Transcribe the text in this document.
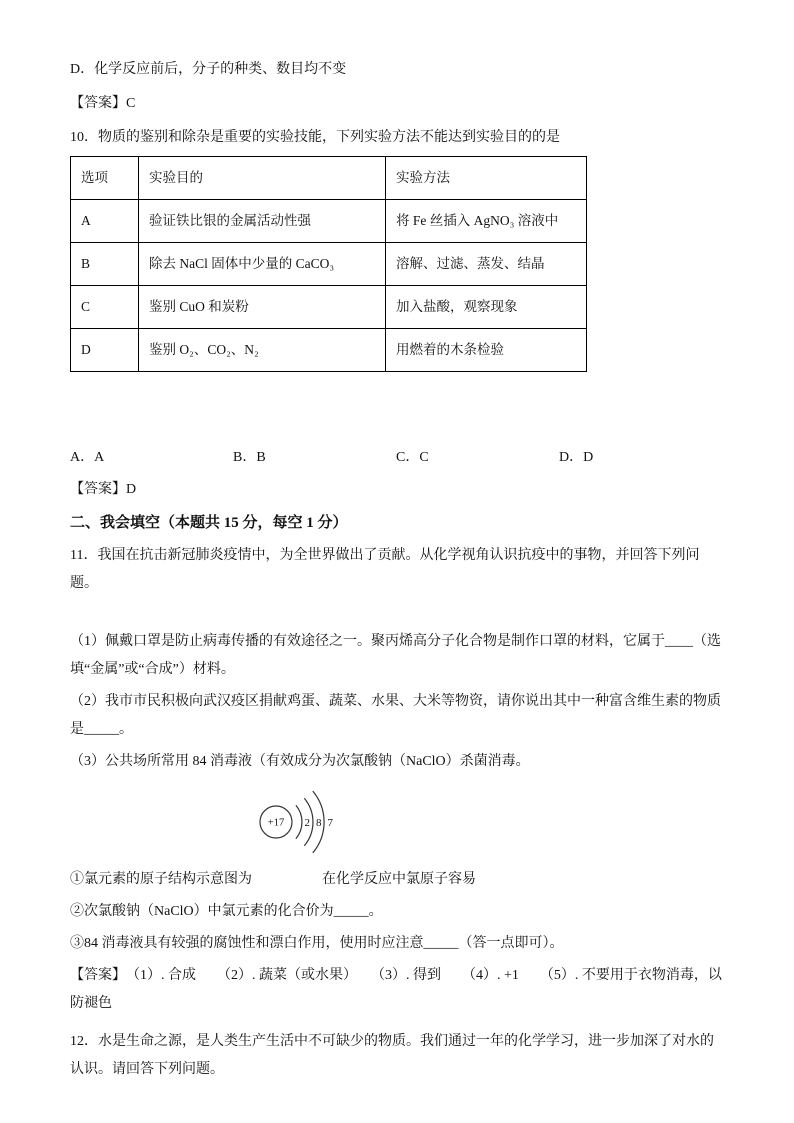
D．化学反应前后，分子的种类、数目均不变

【答案】C

10．物质的鉴别和除杂是重要的实验技能，下列实验方法不能达到实验目的的是

选项	实验目的	实验方法
A	验证铁比银的金属活动性强	将 Fe 丝插入 AgNO₃ 溶液中
B	除去 NaCl 固体中少量的 CaCO₃	溶解、过滤、蒸发、结晶
C	鉴别 CuO 和炭粉	加入盐酸，观察现象
D	鉴别 O₂、CO₂、N₂	用燃着的木条检验
A．A	B．B	C．C	D．D

【答案】D

二、我会填空（本题共 15 分，每空 1 分）

11．我国在抗击新冠肺炎疫情中，为全世界做出了贡献。从化学视角认识抗疫中的事物，并回答下列问题。

（1）佩戴口罩是防止病毒传播的有效途径之一。聚丙烯高分子化合物是制作口罩的材料，它属于____（选填“金属”或“合成”）材料。

（2）我市市民积极向武汉疫区捐献鸡蛋、蔬菜、水果、大米等物资，请你说出其中一种富含维生素的物质是_____。

（3）公共场所常用 84 消毒液（有效成分为次氯酸钠（NaClO）杀菌消毒。

+17 2 8 7

①氯元素的原子结构示意图为	在化学反应中氯原子容易

②次氯酸钠（NaClO）中氯元素的化合价为_____。

③84 消毒液具有较强的腐蚀性和漂白作用，使用时应注意_____（答一点即可）。

【答案】　（1）. 合成　　（2）. 蔬菜（或水果）　　（3）. 得到　　（4）. +1　　（5）. 不要用于衣物消毒，以防褪色

12．水是生命之源，是人类生产生活中不可缺少的物质。我们通过一年的化学学习，进一步加深了对水的认识。请回答下列问题。
